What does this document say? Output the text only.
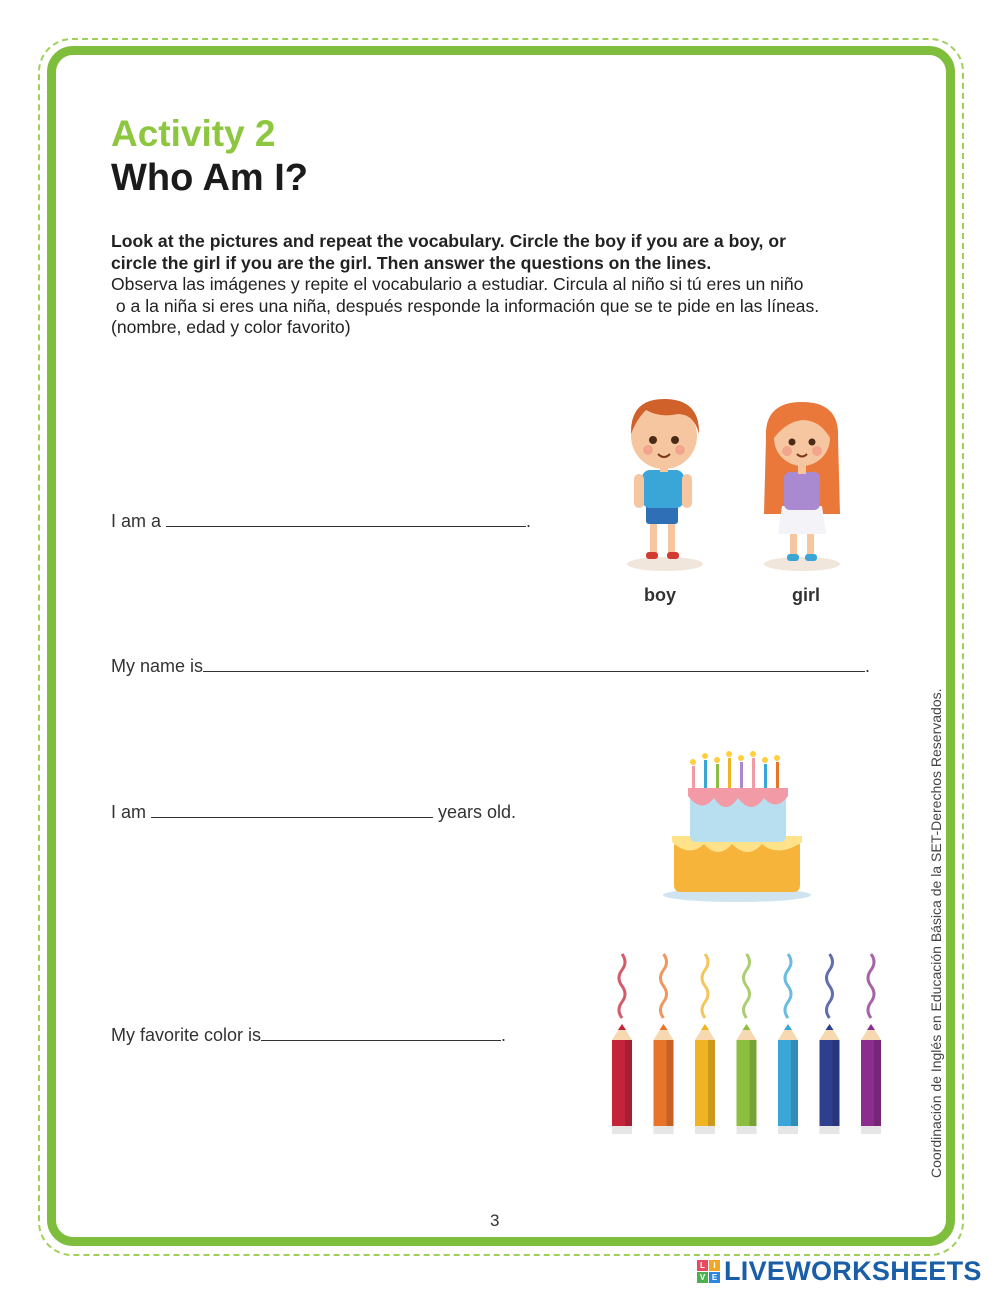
Activity 2
Who Am I?

Look at the pictures and repeat the vocabulary. Circle the boy if you are a boy, or

circle the girl if you are the girl. Then answer the questions on the lines.

Observa las imágenes y repite el vocabulario a estudiar. Circula al niño si tú eres un niño

o a la niña si eres una niña, después responde la información que se te pide en las líneas.

(nombre, edad y color favorito)

I am a	.
My name is	.
I am	years old.
My favorite color is	.
boy	girl
3
Coordinación de Inglés en Educación Básica de la SET-Derechos Reservados.
L	I
V E LIVEWORKSHEETS
